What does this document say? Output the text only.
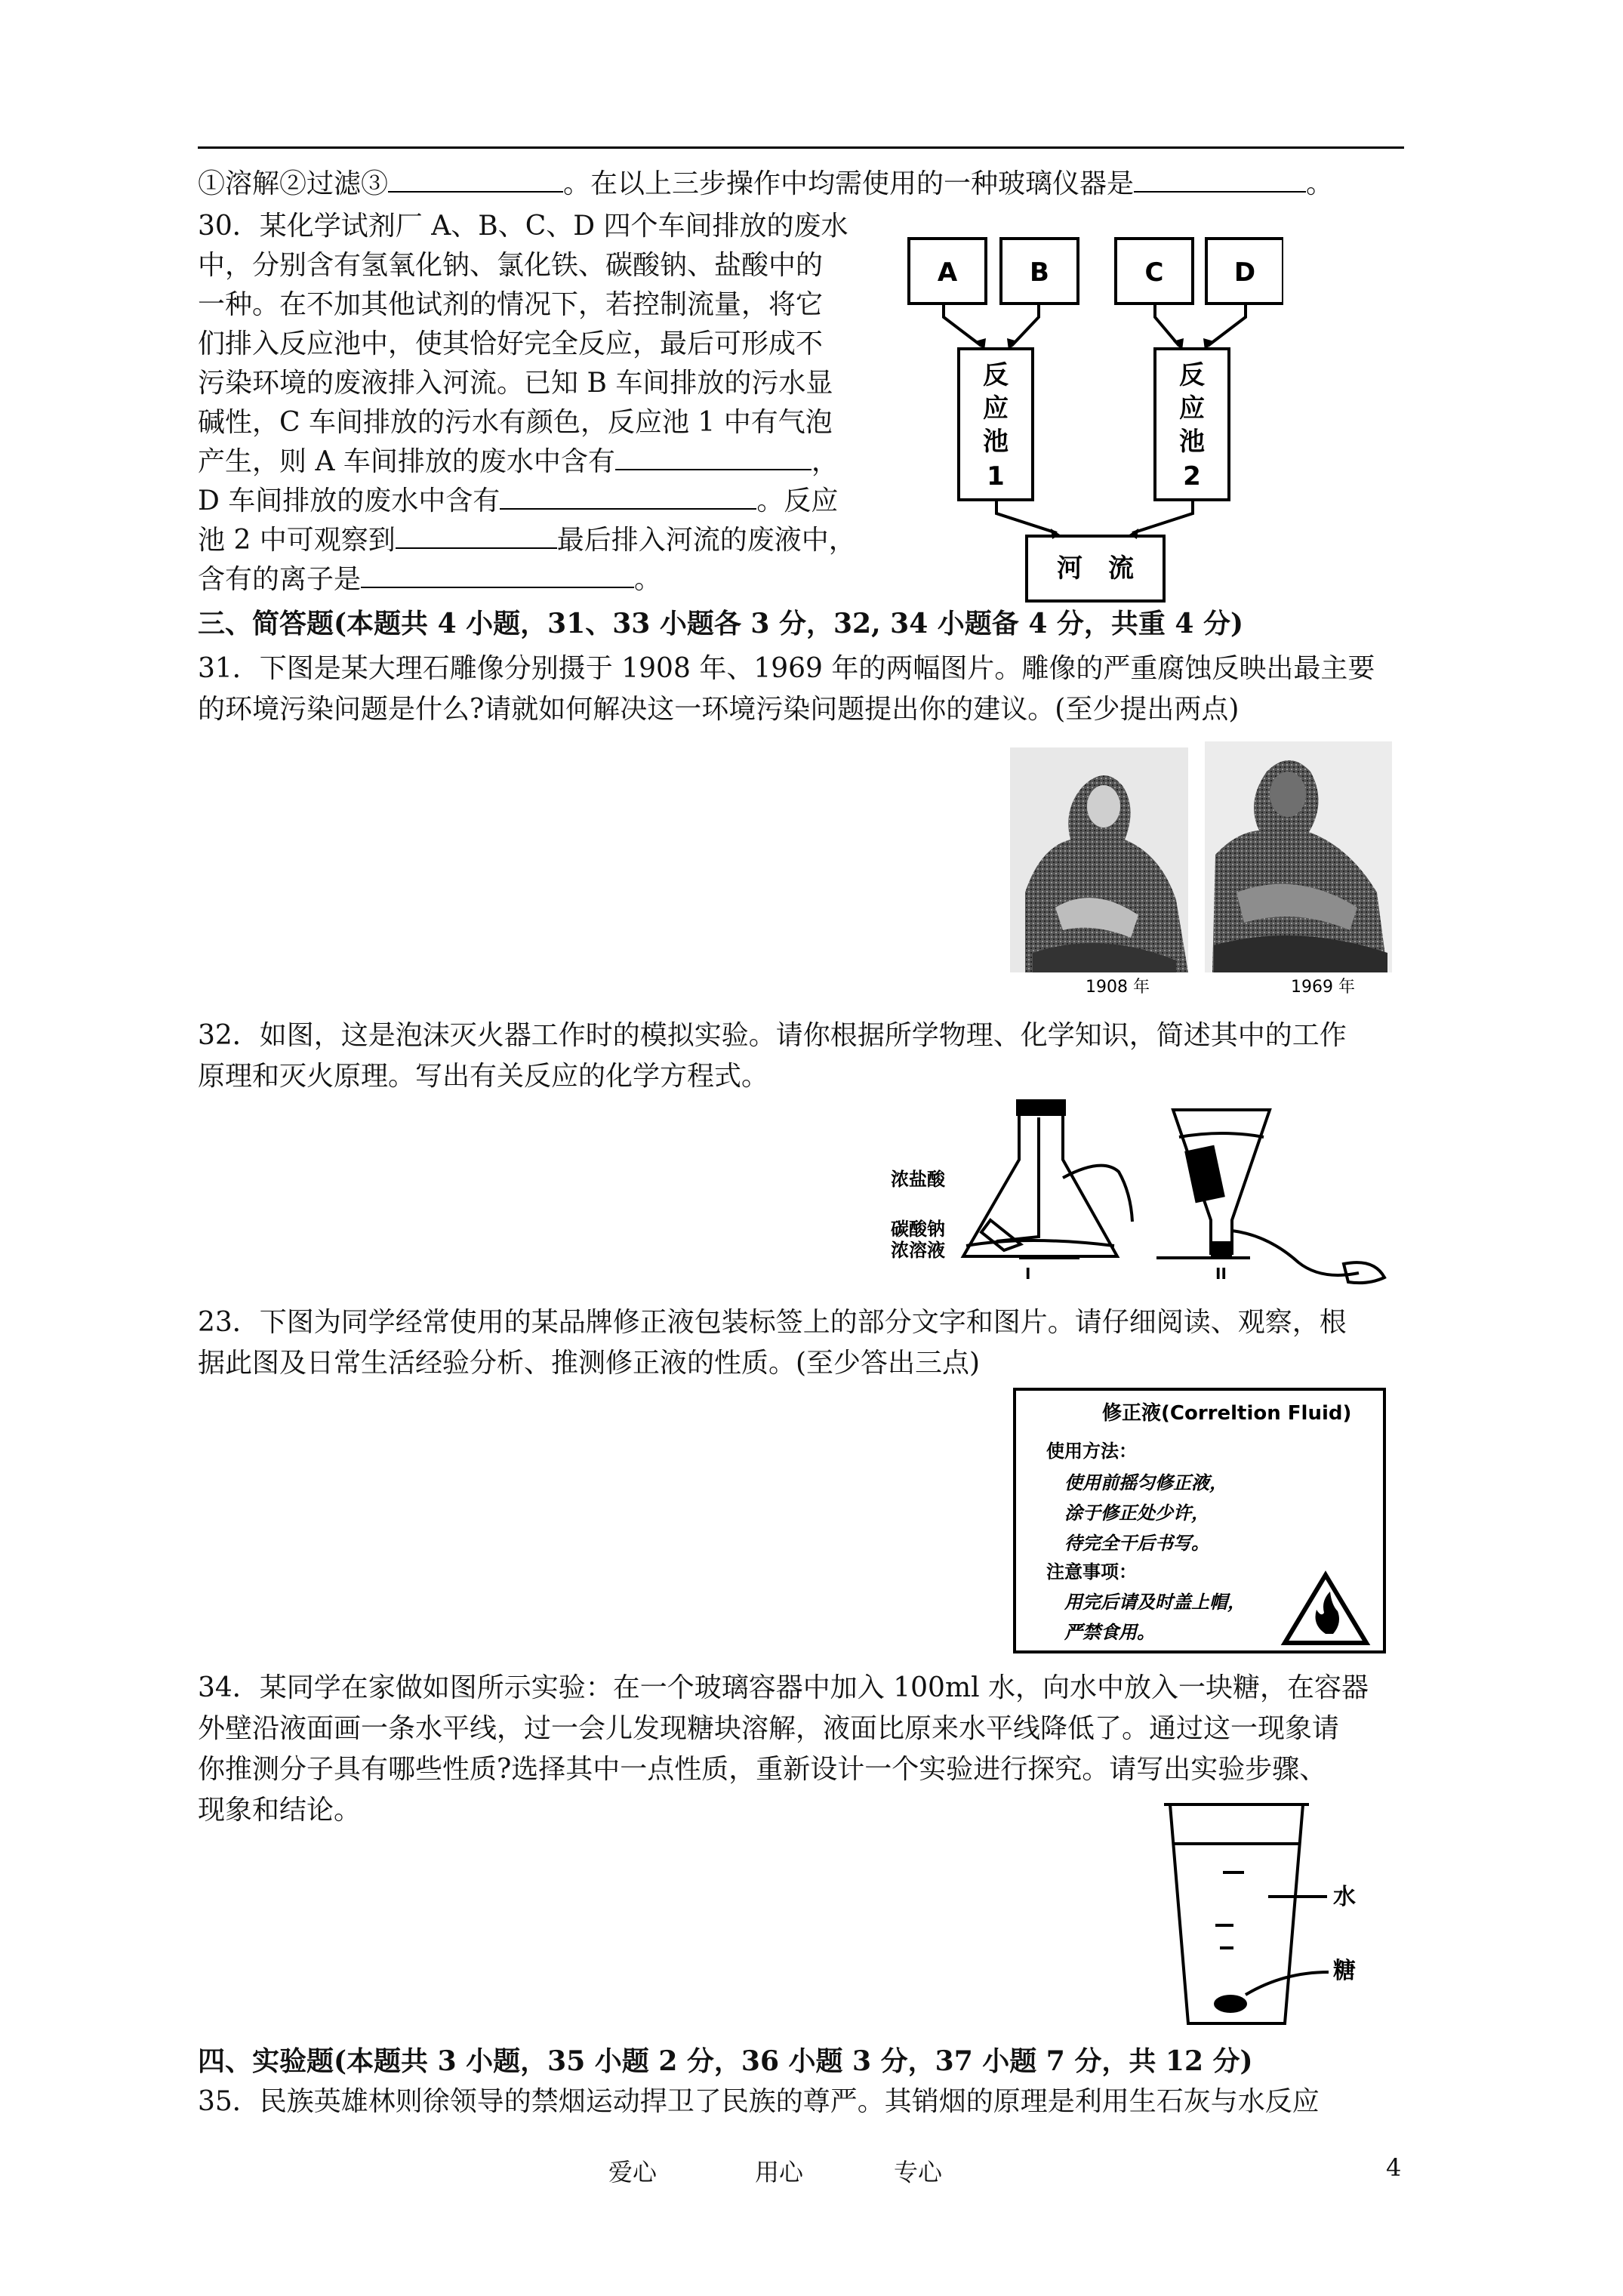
①溶解②过滤③	。在以上三步操作中均需使用的一种玻璃仪器是	。
30．某化学试剂厂 A、B、C、D 四个车间排放的废水
中，分别含有氢氧化钠、氯化铁、碳酸钠、盐酸中的
一种。在不加其他试剂的情况下，若控制流量，将它
们排入反应池中，使其恰好完全反应，最后可形成不
污染环境的废液排入河流。已知 B 车间排放的污水显
碱性，C 车间排放的污水有颜色，反应池 1 中有气泡
产生，则 A 车间排放的废水中含有	，
D 车间排放的废水中含有	。反应
池 2 中可观察到	最后排入河流的废液中，
含有的离子是	。
A	B	C	D
反
应
池
1
反
应
池
2
河　流
三、简答题(本题共 4 小题，31、33 小题各 3 分，32, 34 小题备 4 分，共重 4 分)
31．下图是某大理石雕像分别摄于 1908 年、1969 年的两幅图片。雕像的严重腐蚀反映出最主要
的环境污染问题是什么?请就如何解决这一环境污染问题提出你的建议。(至少提出两点)
1908 年	1969 年
32．如图，这是泡沫灭火器工作时的模拟实验。请你根据所学物理、化学知识，简述其中的工作
原理和灭火原理。写出有关反应的化学方程式。
浓盐酸
碳酸钠
浓溶液
I	II
23．下图为同学经常使用的某品牌修正液包装标签上的部分文字和图片。请仔细阅读、观察，根
据此图及日常生活经验分析、推测修正液的性质。(至少答出三点)
修正液(Correltion Fluid)
使用方法：
使用前摇匀修正液，
涂于修正处少许，
待完全干后书写。
注意事项：
用完后请及时盖上帽，
严禁食用。
34．某同学在家做如图所示实验：在一个玻璃容器中加入 100ml 水，向水中放入一块糖，在容器
外壁沿液面画一条水平线，过一会儿发现糖块溶解，液面比原来水平线降低了。通过这一现象请
你推测分子具有哪些性质?选择其中一点性质，重新设计一个实验进行探究。请写出实验步骤、
现象和结论。
水
糖
四、实验题(本题共 3 小题，35 小题 2 分，36 小题 3 分，37 小题 7 分，共 12 分)
35．民族英雄林则徐领导的禁烟运动捍卫了民族的尊严。其销烟的原理是利用生石灰与水反应
爱心	用心	专心	4
